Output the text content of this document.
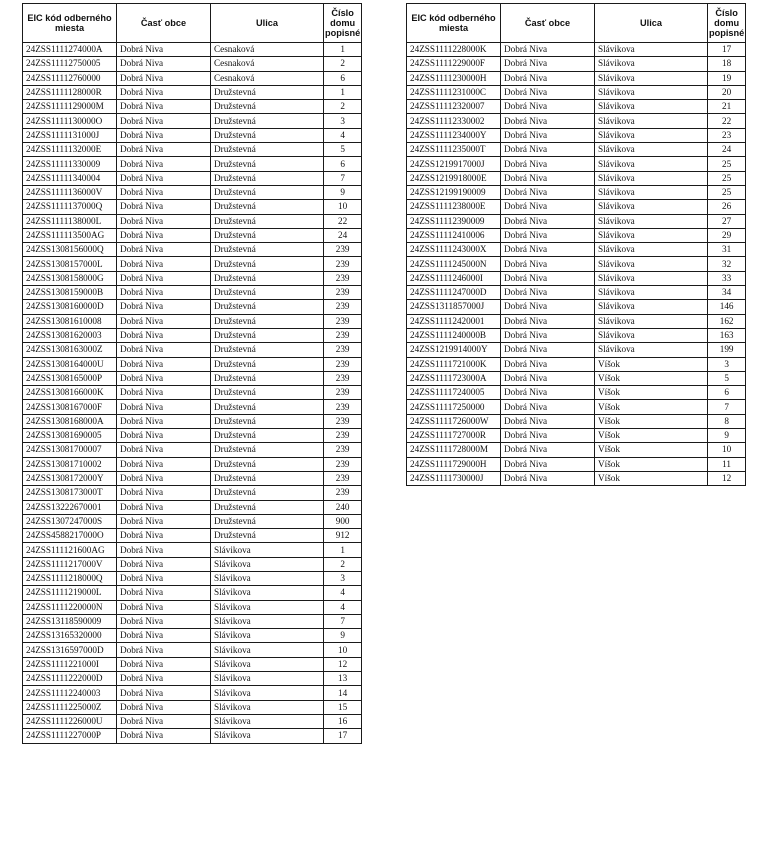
EIC kód odberného miesta	Časť obce	Ulica	Číslo domu popisné
24ZSS1111274000A	Dobrá Niva	Cesnaková	1
24ZSS11112750005	Dobrá Niva	Cesnaková	2
24ZSS11112760000	Dobrá Niva	Cesnaková	6
24ZSS1111128000R	Dobrá Niva	Družstevná	1
24ZSS1111129000M	Dobrá Niva	Družstevná	2
24ZSS1111130000O	Dobrá Niva	Družstevná	3
24ZSS1111131000J	Dobrá Niva	Družstevná	4
24ZSS1111132000E	Dobrá Niva	Družstevná	5
24ZSS11111330009	Dobrá Niva	Družstevná	6
24ZSS11111340004	Dobrá Niva	Družstevná	7
24ZSS1111136000V	Dobrá Niva	Družstevná	9
24ZSS1111137000Q	Dobrá Niva	Družstevná	10
24ZSS1111138000L	Dobrá Niva	Družstevná	22
24ZSS111113500AG	Dobrá Niva	Družstevná	24
24ZSS1308156000Q	Dobrá Niva	Družstevná	239
24ZSS1308157000L	Dobrá Niva	Družstevná	239
24ZSS1308158000G	Dobrá Niva	Družstevná	239
24ZSS1308159000B	Dobrá Niva	Družstevná	239
24ZSS1308160000D	Dobrá Niva	Družstevná	239
24ZSS13081610008	Dobrá Niva	Družstevná	239
24ZSS13081620003	Dobrá Niva	Družstevná	239
24ZSS1308163000Z	Dobrá Niva	Družstevná	239
24ZSS1308164000U	Dobrá Niva	Družstevná	239
24ZSS1308165000P	Dobrá Niva	Družstevná	239
24ZSS1308166000K	Dobrá Niva	Družstevná	239
24ZSS1308167000F	Dobrá Niva	Družstevná	239
24ZSS1308168000A	Dobrá Niva	Družstevná	239
24ZSS13081690005	Dobrá Niva	Družstevná	239
24ZSS13081700007	Dobrá Niva	Družstevná	239
24ZSS13081710002	Dobrá Niva	Družstevná	239
24ZSS1308172000Y	Dobrá Niva	Družstevná	239
24ZSS1308173000T	Dobrá Niva	Družstevná	239
24ZSS13222670001	Dobrá Niva	Družstevná	240
24ZSS1307247000S	Dobrá Niva	Družstevná	900
24ZSS4588217000O	Dobrá Niva	Družstevná	912
24ZSS111121600AG	Dobrá Niva	Slávikova	1
24ZSS1111217000V	Dobrá Niva	Slávikova	2
24ZSS1111218000Q	Dobrá Niva	Slávikova	3
24ZSS1111219000L	Dobrá Niva	Slávikova	4
24ZSS1111220000N	Dobrá Niva	Slávikova	4
24ZSS13118590009	Dobrá Niva	Slávikova	7
24ZSS13165320000	Dobrá Niva	Slávikova	9
24ZSS1316597000D	Dobrá Niva	Slávikova	10
24ZSS1111221000I	Dobrá Niva	Slávikova	12
24ZSS1111222000D	Dobrá Niva	Slávikova	13
24ZSS11112240003	Dobrá Niva	Slávikova	14
24ZSS1111225000Z	Dobrá Niva	Slávikova	15
24ZSS1111226000U	Dobrá Niva	Slávikova	16
24ZSS1111227000P	Dobrá Niva	Slávikova	17
EIC kód odberného miesta	Časť obce	Ulica	Číslo domu popisné
24ZSS1111228000K	Dobrá Niva	Slávikova	17
24ZSS1111229000F	Dobrá Niva	Slávikova	18
24ZSS1111230000H	Dobrá Niva	Slávikova	19
24ZSS1111231000C	Dobrá Niva	Slávikova	20
24ZSS11112320007	Dobrá Niva	Slávikova	21
24ZSS11112330002	Dobrá Niva	Slávikova	22
24ZSS1111234000Y	Dobrá Niva	Slávikova	23
24ZSS1111235000T	Dobrá Niva	Slávikova	24
24ZSS1219917000J	Dobrá Niva	Slávikova	25
24ZSS1219918000E	Dobrá Niva	Slávikova	25
24ZSS12199190009	Dobrá Niva	Slávikova	25
24ZSS1111238000E	Dobrá Niva	Slávikova	26
24ZSS11112390009	Dobrá Niva	Slávikova	27
24ZSS11112410006	Dobrá Niva	Slávikova	29
24ZSS1111243000X	Dobrá Niva	Slávikova	31
24ZSS1111245000N	Dobrá Niva	Slávikova	32
24ZSS1111246000I	Dobrá Niva	Slávikova	33
24ZSS1111247000D	Dobrá Niva	Slávikova	34
24ZSS1311857000J	Dobrá Niva	Slávikova	146
24ZSS11112420001	Dobrá Niva	Slávikova	162
24ZSS1111240000B	Dobrá Niva	Slávikova	163
24ZSS1219914000Y	Dobrá Niva	Slávikova	199
24ZSS1111721000K	Dobrá Niva	Víšok	3
24ZSS1111723000A	Dobrá Niva	Víšok	5
24ZSS11117240005	Dobrá Niva	Víšok	6
24ZSS11117250000	Dobrá Niva	Víšok	7
24ZSS1111726000W	Dobrá Niva	Víšok	8
24ZSS1111727000R	Dobrá Niva	Víšok	9
24ZSS1111728000M	Dobrá Niva	Víšok	10
24ZSS1111729000H	Dobrá Niva	Víšok	11
24ZSS1111730000J	Dobrá Niva	Víšok	12
